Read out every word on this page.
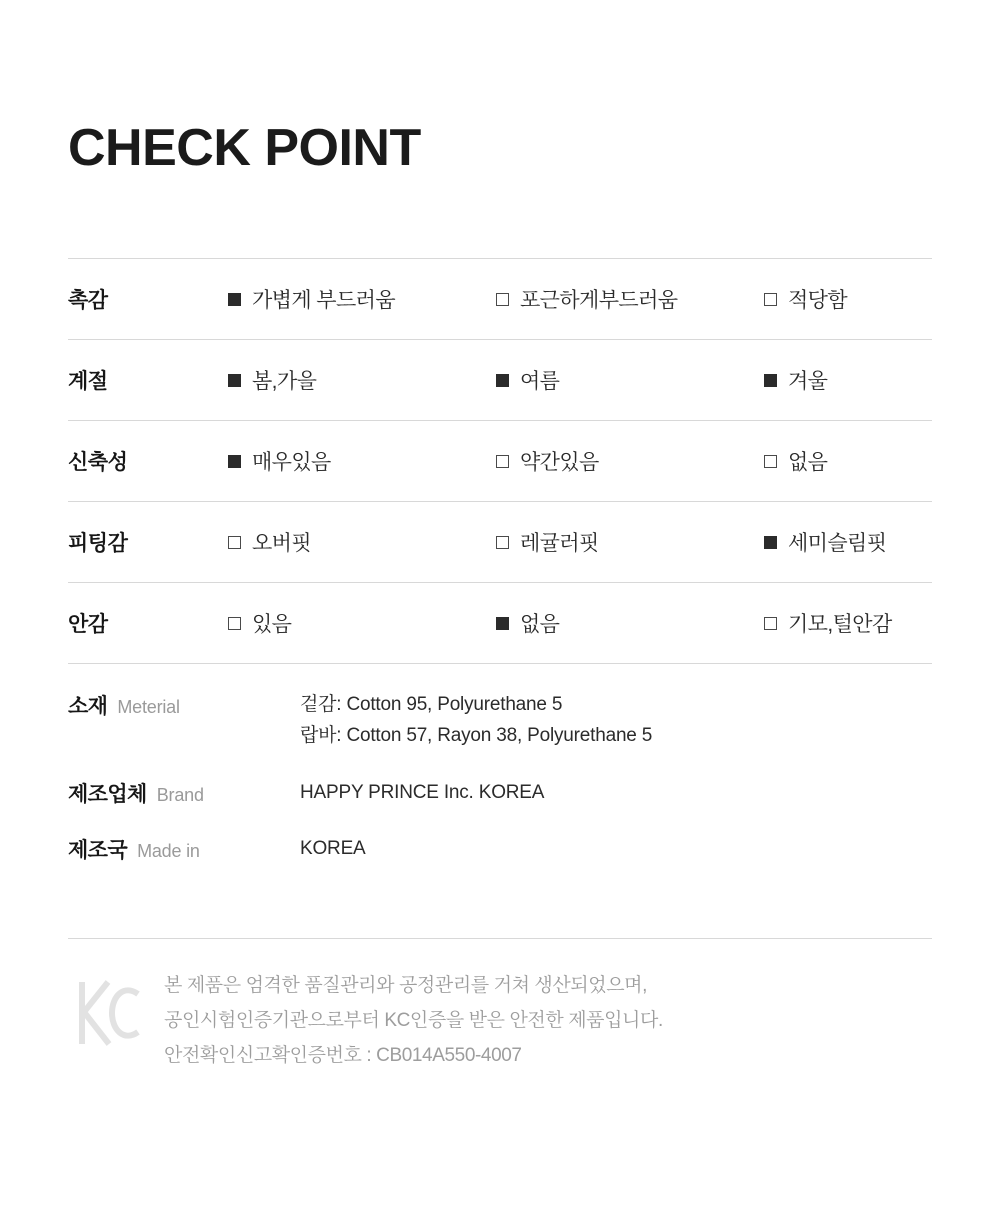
CHECK POINT
촉감	가볍게 부드러움	포근하게부드러움	적당함
계절	봄,가을	여름	겨울
신축성	매우있음	약간있음	없음
피팅감	오버핏	레귤러핏	세미슬림핏
안감	있음	없음	기모,털안감
소재 Meterial	겉감: Cotton 95, Polyurethane 5
랍바: Cotton 57, Rayon 38, Polyurethane 5
제조업체 Brand	HAPPY PRINCE Inc. KOREA
제조국 Made in	KOREA
본 제품은 엄격한 품질관리와 공정관리를 거쳐 생산되었으며,
공인시험인증기관으로부터 KC인증을 받은 안전한 제품입니다.
안전확인신고확인증번호 : CB014A550-4007
